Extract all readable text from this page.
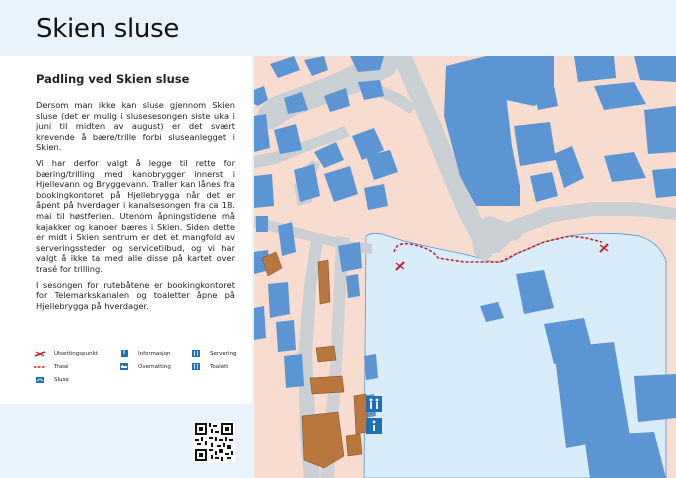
Skien sluse
Padling ved Skien sluse

Dersom man ikke kan sluse gjennom Skien sluse (det er mulig i slusesesongen siste uka i juni til midten av august) er det svært krevende å bære/trille forbi sluseanlegget i Skien.

Vi har derfor valgt å legge til rette for bæring/trilling med kanobrygger innerst i Hjellevann og Bryggevann. Traller kan lånes fra bookingkontoret på Hjellebrygga når det er åpent på hverdager i kanalsesongen fra ca 18. mai til høstferien. Utenom åpningstidene må kajakker og kanoer bæres i Skien. Siden dette er midt i Skien sentrum er det et mangfold av serveringssteder og servicetilbud, og vi har valgt å ikke ta med alle disse på kartet over trasé for trilling.

I sesongen for rutebåtene er bookingkontoret for Telemarkskanalen og toaletter åpne på Hjellebrygga på hverdager.

Utsettingspunkt
Trasé
Sluse
i	Informasjon
Overnatting
Servering
Toalett
